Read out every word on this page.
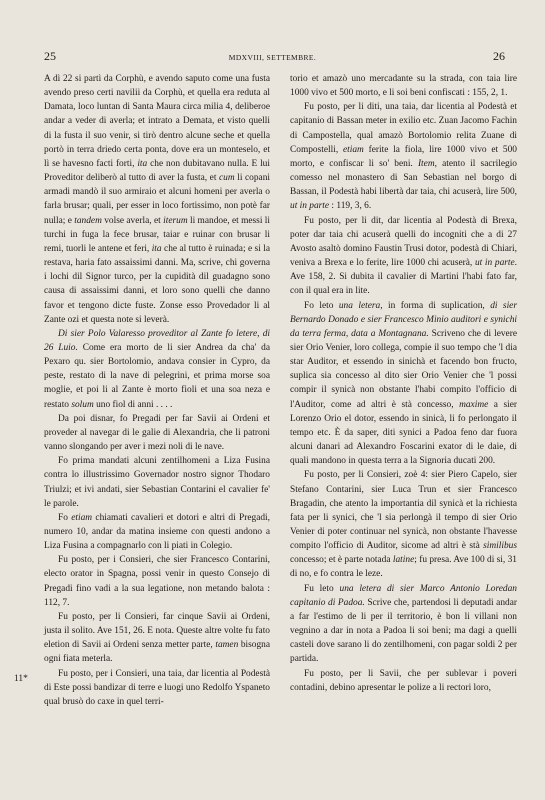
25	MDXVIII, SETTEMBRE.	26

A dì 22 si partì da Corphù, e avendo saputo come una fusta avendo preso certi navilii da Corphù, et quella era reduta al Damata, loco luntan di Santa Maura circa milia 4, deliberoe andar a veder di averla; et intrato a Demata, et visto quelli di la fusta il suo venir, si tirò dentro alcune seche et quella portò in terra driedo certa ponta, dove era un monteselo, et lì se havesno facti forti, ita che non dubitavano nulla. E lui Proveditor deliberò al tutto di aver la fusta, et cum li copani armadi mandò il suo armiraio et alcuni homeni per averla o farla brusar; quali, per esser in loco fortissimo, non potè far nulla; e tandem volse averla, et iterum li mandoe, et messi li turchi in fuga la fece brusar, taiar e ruinar con brusar li remi, tuorli le antene et feri, ita che al tutto è ruinada; e si la restava, haria fato assaissimi danni. Ma, scrive, chi governa i lochi dil Signor turco, per la cupidità dil guadagno sono causa di assaissimi danni, et loro sono quelli che danno favor et tengono dicte fuste. Zonse esso Provedador li al Zante ozi et questa note si leverà.

Di sier Polo Valaresso proveditor al Zante fo letere, di 26 Luio. Come era morto de li sier Andrea da cha' da Pexaro qu. sier Bortolomio, andava consier in Cypro, da peste, restato di la nave di pelegrini, et prima morse soa moglie, et poi li al Zante è morto fioli et una soa neza e restato solum uno fiol di anni . . . .

Da poi disnar, fo Pregadi per far Savii ai Ordeni et proveder al navegar di le galie di Alexandria, che li patroni vanno slongando per aver i mezi noli di le nave.

Fo prima mandati alcuni zentilhomeni a Liza Fusina contra lo illustrissimo Governador nostro signor Thodaro Triulzi; et ivi andati, sier Sebastian Contarini el cavalier fe' le parole.

Fo etiam chiamati cavalieri et dotori e altri di Pregadi, numero 10, andar da matina insieme con questi andono a Liza Fusina a compagnarlo con li piati in Colegio.

Fu posto, per i Consieri, che sier Francesco Contarini, electo orator in Spagna, possi venir in questo Consejo di Pregadi fino vadi a la sua legatione, non metando balota : 112, 7.

Fu posto, per li Consieri, far cinque Savii ai Ordeni, justa il solito. Ave 151, 26. E nota. Queste altre volte fu fato eletion di Savii ai Ordeni senza metter parte, tamen bisogna ogni fiata meterla.

Fu posto, per i Consieri, una taia, dar licentia al Podestà di Este possi bandizar di terre e luogi uno Redolfo Yspaneto qual brusò do caxe in quel terri-

torio et amazò uno mercadante su la strada, con taia lire 1000 vivo et 500 morto, e li soi beni confiscati : 155, 2, 1.

Fu posto, per li diti, una taia, dar licentia al Podestà et capitanio di Bassan meter in exilio etc. Zuan Jacomo Fachin di Campostella, qual amazò Bortolomio relita Zuane di Compostelli, etiam ferite la fiola, lire 1000 vivo et 500 morto, e confiscar li so' beni. Item, atento il sacrilegio comesso nel monastero di San Sebastian nel borgo di Bassan, il Podestà habi libertà dar taia, chi acuserà, lire 500, ut in parte : 119, 3, 6.

Fu posto, per li dit, dar licentia al Podestà di Brexa, poter dar taia chi acuserà quelli do incogniti che a di 27 Avosto asaltò domino Faustin Trusi dotor, podestà di Chiari, veniva a Brexa e lo ferite, lire 1000 chi acuserà, ut in parte. Ave 158, 2. Si dubita il cavalier di Martini l'habi fato far, con il qual era in lite.

Fo leto una letera, in forma di suplication, di sier Bernardo Donado e sier Francesco Minio auditori e synichi da terra ferma, data a Montagnana. Scriveno che di levere sier Orio Venier, loro collega, compie il suo tempo che 'l dia star Auditor, et essendo in sinichà et facendo bon fructo, suplica sia concesso al dito sier Orio Venier che 'l possi compir il synicà non obstante l'habi compito l'officio di l'Auditor, come ad altri è stà concesso, maxime a sier Lorenzo Orio el dotor, essendo in sinicà, li fo perlongato il tempo etc. È da saper, diti synici a Padoa feno dar fuora alcuni danari ad Alexandro Foscarini exator di le daie, di quali mandono in questa terra a la Signoria ducati 200.

Fu posto, per li Consieri, zoè 4: sier Piero Capelo, sier Stefano Contarini, sier Luca Trun et sier Francesco Bragadin, che atento la importantia dil synicà et la richiesta fata per li synici, che 'l sia perlongà il tempo di sier Orio Venier di poter continuar nel synicà, non obstante l'havesse compito l'officio di Auditor, sicome ad altri è stà similibus concesso; et è parte notada latine; fu presa. Ave 100 di si, 31 di no, e fo contra le leze.

Fu leto una letera di sier Marco Antonio Loredan capitanio di Padoa. Scrive che, partendosi li deputadi andar a far l'estimo de li per il territorio, è bon li villani non vegnino a dar in nota a Padoa li soi beni; ma dagi a quelli casteli dove sarano li do zentilhomeni, con pagar soldi 2 per partida.

Fu posto, per li Savii, che per sublevar i poveri contadini, debino apresentar le polize a li rectori loro,

11*
